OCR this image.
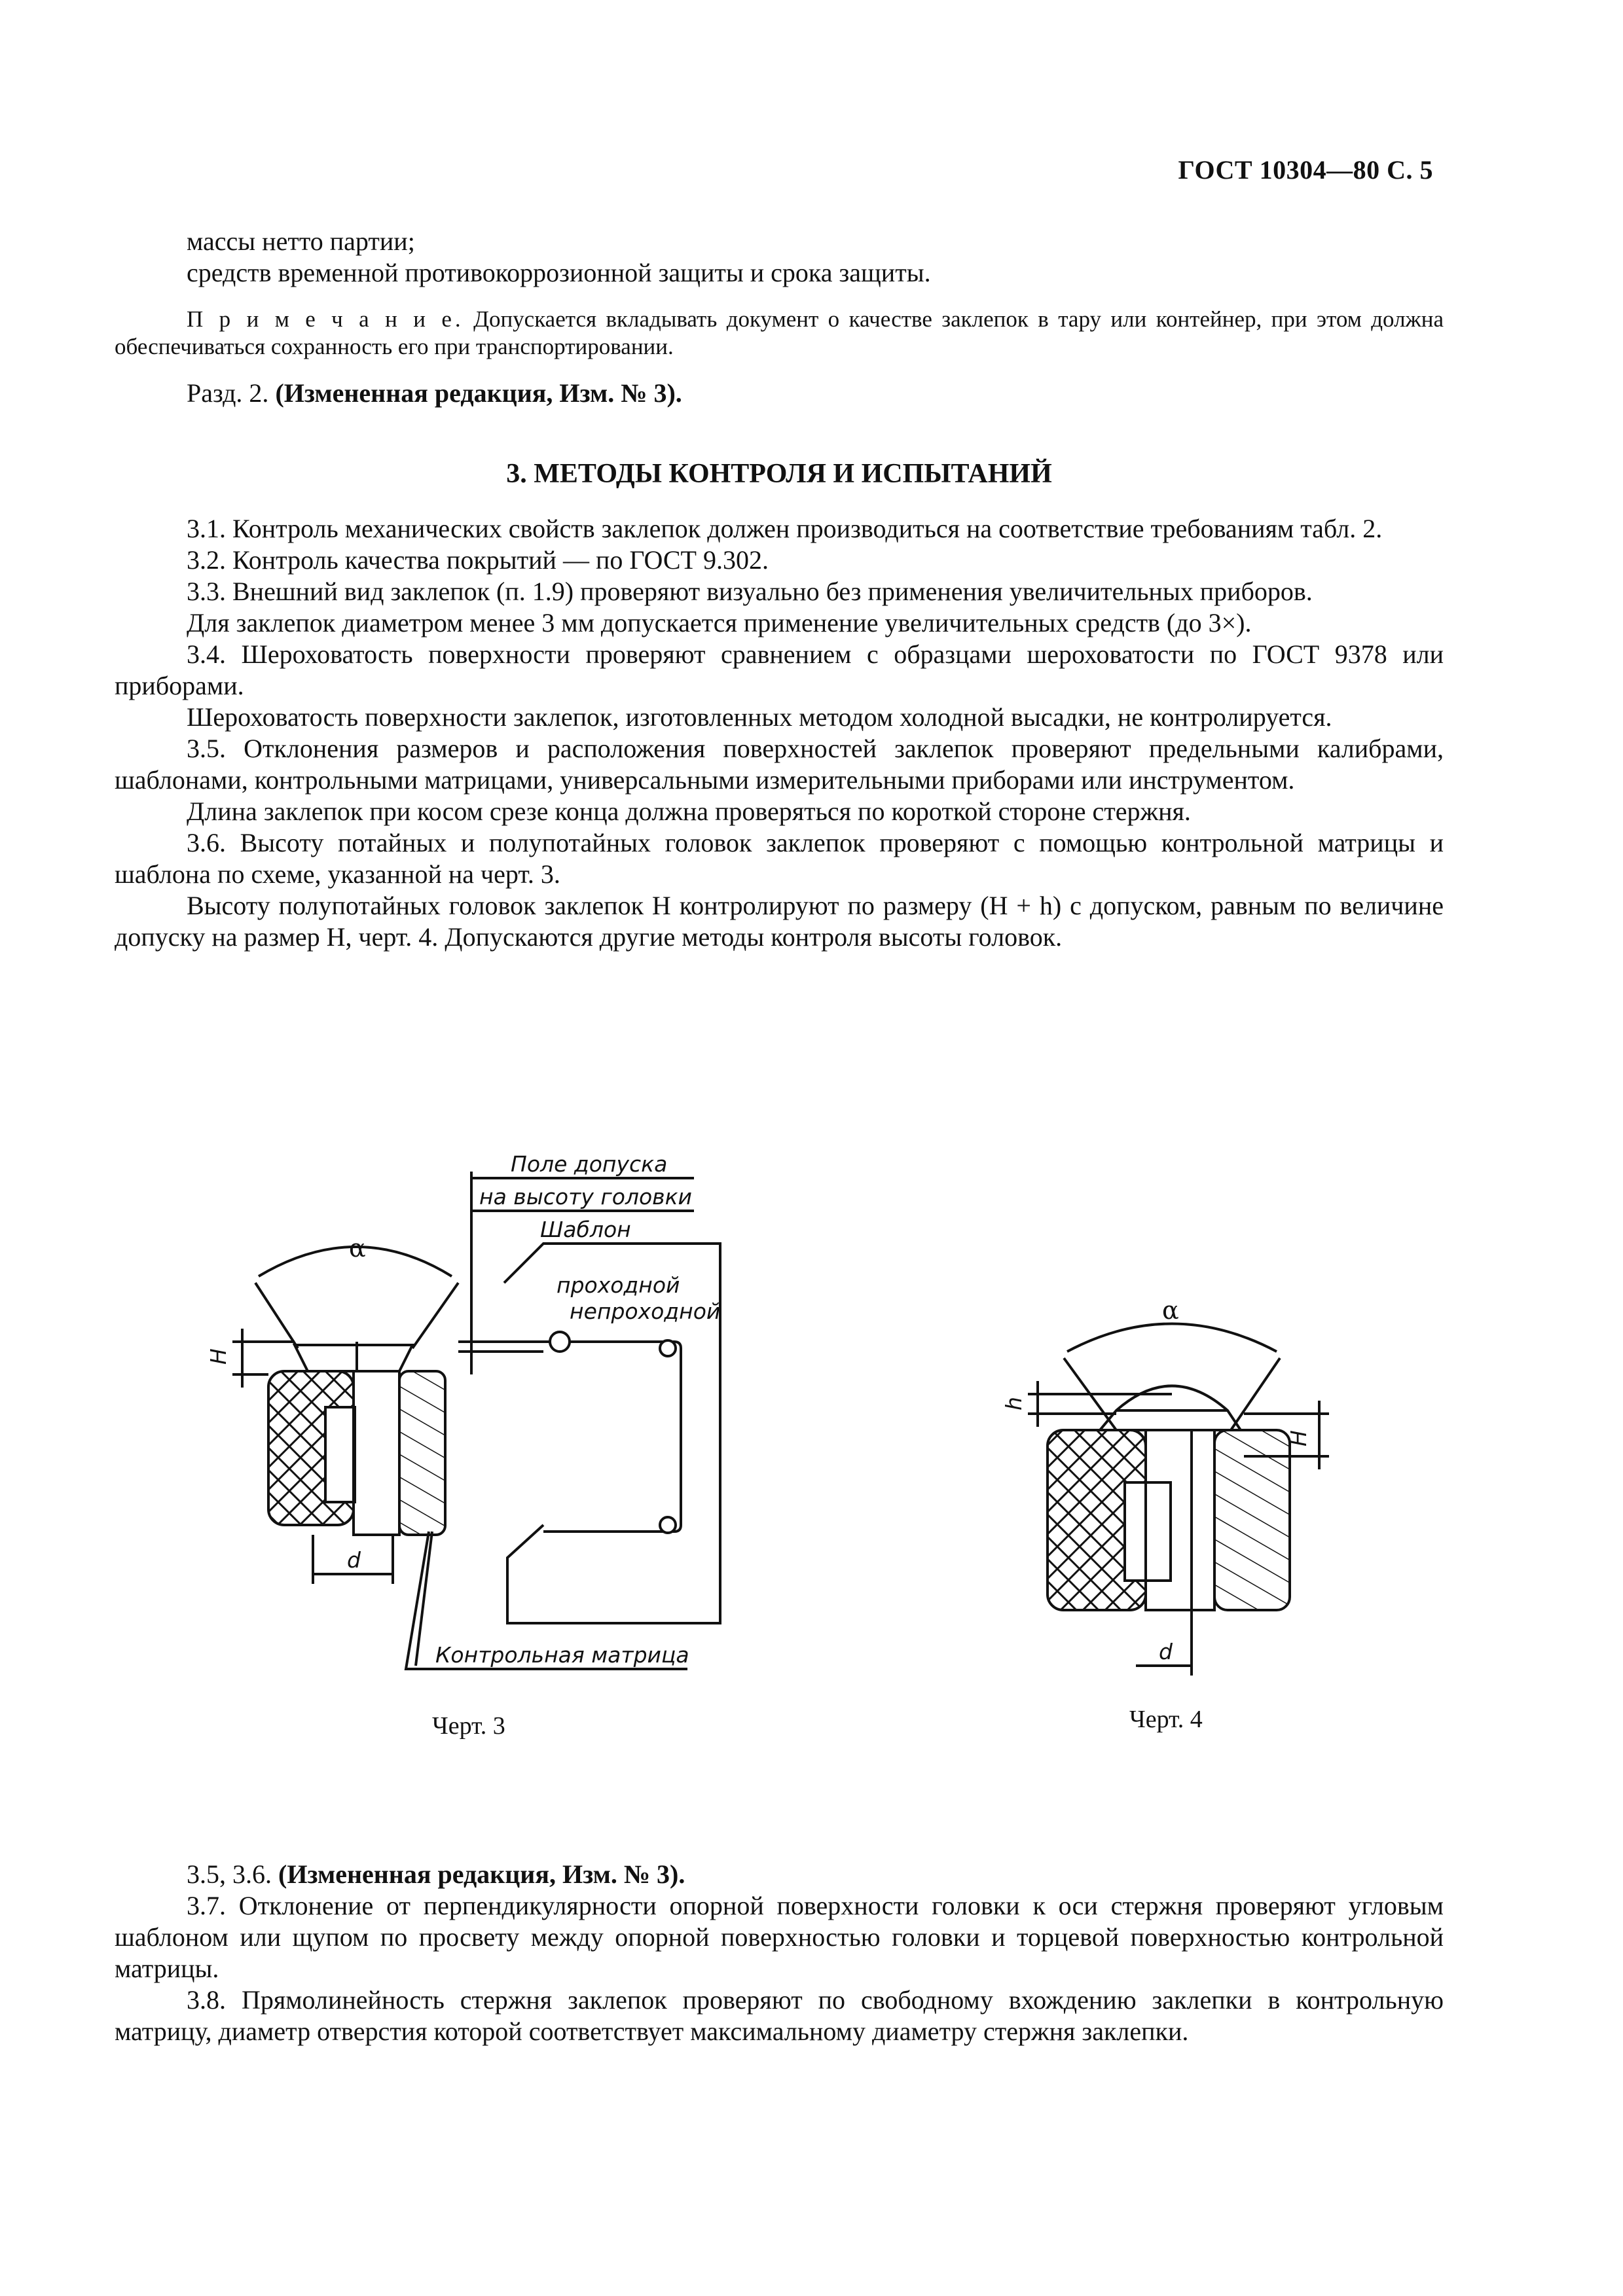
ГОСТ 10304—80 С. 5

массы нетто партии;

средств временной противокоррозионной защиты и срока защиты.

П р и м е ч а н и е. Допускается вкладывать документ о качестве заклепок в тару или контейнер, при этом должна обеспечиваться сохранность его при транспортировании.

Разд. 2. (Измененная редакция, Изм. № 3).

3. МЕТОДЫ КОНТРОЛЯ И ИСПЫТАНИЙ

3.1. Контроль механических свойств заклепок должен производиться на соответствие требованиям табл. 2.

3.2. Контроль качества покрытий — по ГОСТ 9.302.

3.3. Внешний вид заклепок (п. 1.9) проверяют визуально без применения увеличительных приборов.

Для заклепок диаметром менее 3 мм допускается применение увеличительных средств (до 3×).

3.4. Шероховатость поверхности проверяют сравнением с образцами шероховатости по ГОСТ 9378 или приборами.

Шероховатость поверхности заклепок, изготовленных методом холодной высадки, не контролируется.

3.5. Отклонения размеров и расположения поверхностей заклепок проверяют предельными калибрами, шаблонами, контрольными матрицами, универсальными измерительными приборами или инструментом.

Длина заклепок при косом срезе конца должна проверяться по короткой стороне стержня.

3.6. Высоту потайных и полупотайных головок заклепок проверяют с помощью контрольной матрицы и шаблона по схеме, указанной на черт. 3.

Высоту полупотайных головок заклепок H контролируют по размеру (H + h) с допуском, равным по величине допуску на размер H, черт. 4. Допускаются другие методы контроля высоты головок.

α
H
d
Поле допуска
на высоту головки
Шаблон
проходной
непроходной
Контрольная матрица
α
h
H
d
Черт. 3	Черт. 4

3.5, 3.6. (Измененная редакция, Изм. № 3).

3.7. Отклонение от перпендикулярности опорной поверхности головки к оси стержня проверяют угловым шаблоном или щупом по просвету между опорной поверхностью головки и торцевой поверхностью контрольной матрицы.

3.8. Прямолинейность стержня заклепок проверяют по свободному вхождению заклепки в контрольную матрицу, диаметр отверстия которой соответствует максимальному диаметру стержня заклепки.
